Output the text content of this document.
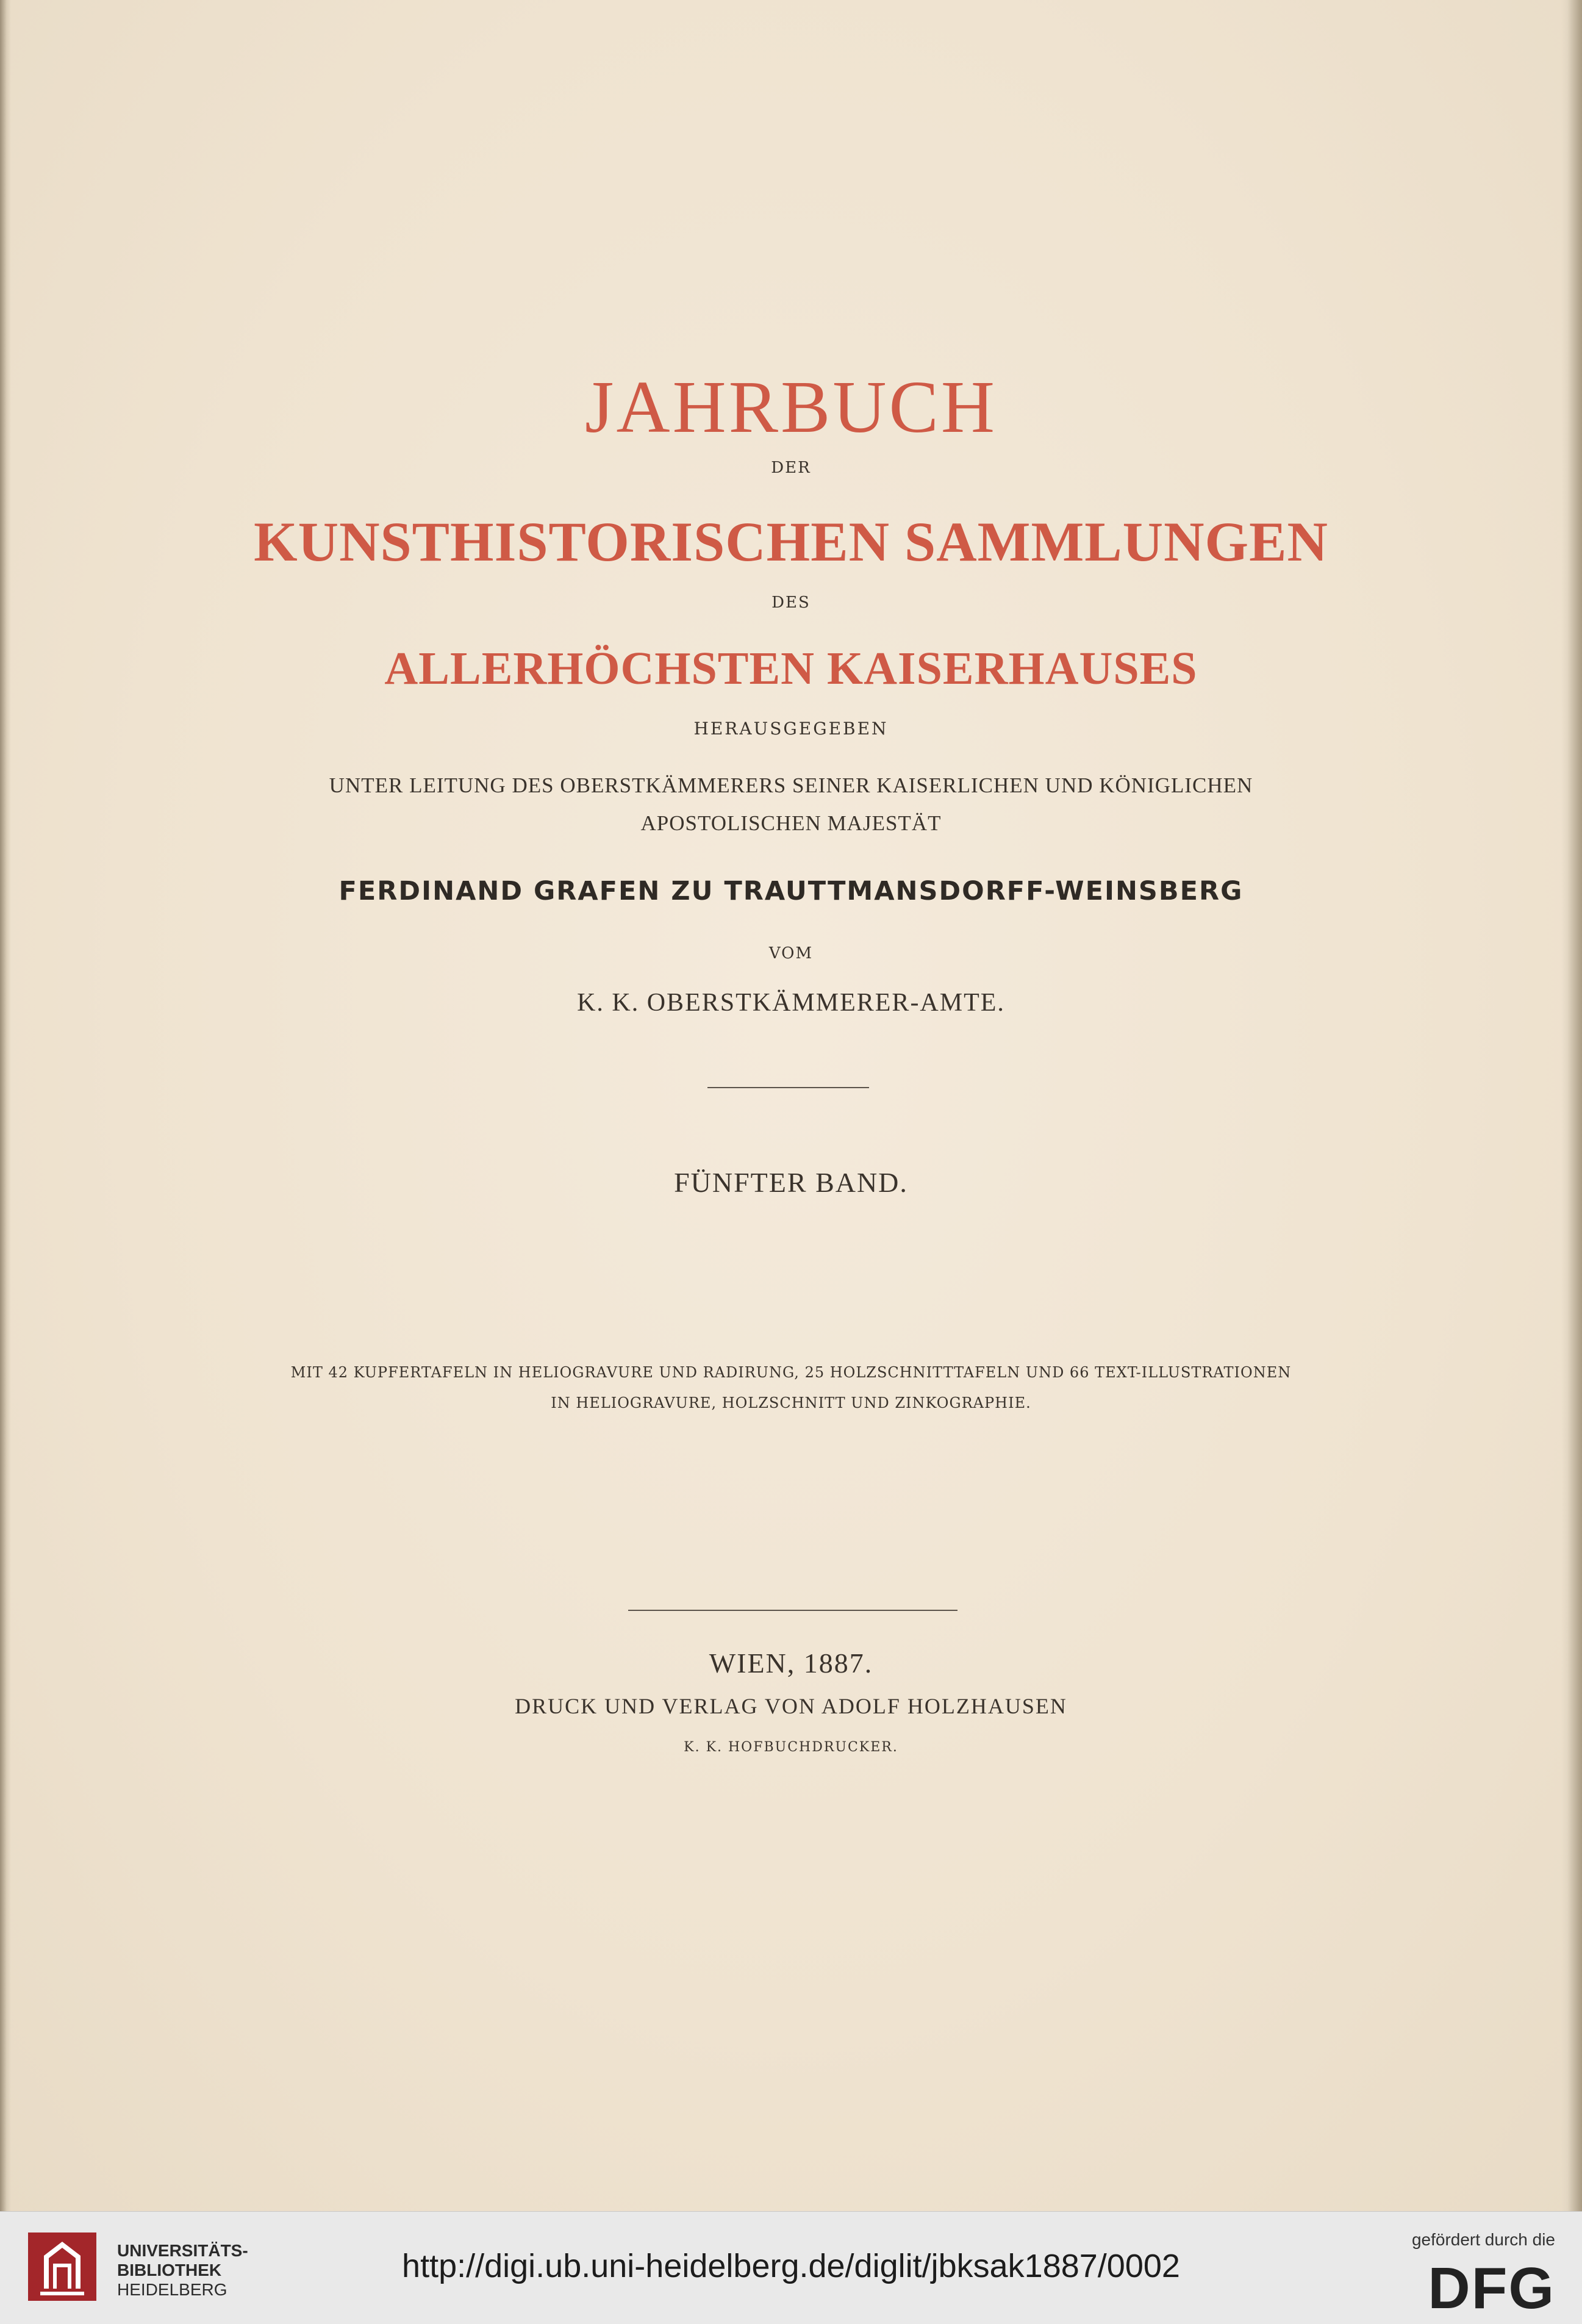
JAHRBUCH

DER

KUNSTHISTORISCHEN SAMMLUNGEN

DES

ALLERHÖCHSTEN KAISERHAUSES

HERAUSGEGEBEN

UNTER LEITUNG DES OBERSTKÄMMERERS SEINER KAISERLICHEN UND KÖNIGLICHEN

APOSTOLISCHEN MAJESTÄT

FERDINAND GRAFEN ZU TRAUTTMANSDORFF-WEINSBERG

VOM

K. K. OBERSTKÄMMERER-AMTE.

FÜNFTER BAND.

MIT 42 KUPFERTAFELN IN HELIOGRAVURE UND RADIRUNG, 25 HOLZSCHNITTTAFELN UND 66 TEXT-ILLUSTRATIONEN

IN HELIOGRAVURE, HOLZSCHNITT UND ZINKOGRAPHIE.

WIEN, 1887.

DRUCK UND VERLAG VON ADOLF HOLZHAUSEN

K. K. HOFBUCHDRUCKER.

UNIVERSITÄTS-
BIBLIOTHEK
HEIDELBERG
http://digi.ub.uni-heidelberg.de/diglit/jbksak1887/0002
gefördert durch die
DFG
